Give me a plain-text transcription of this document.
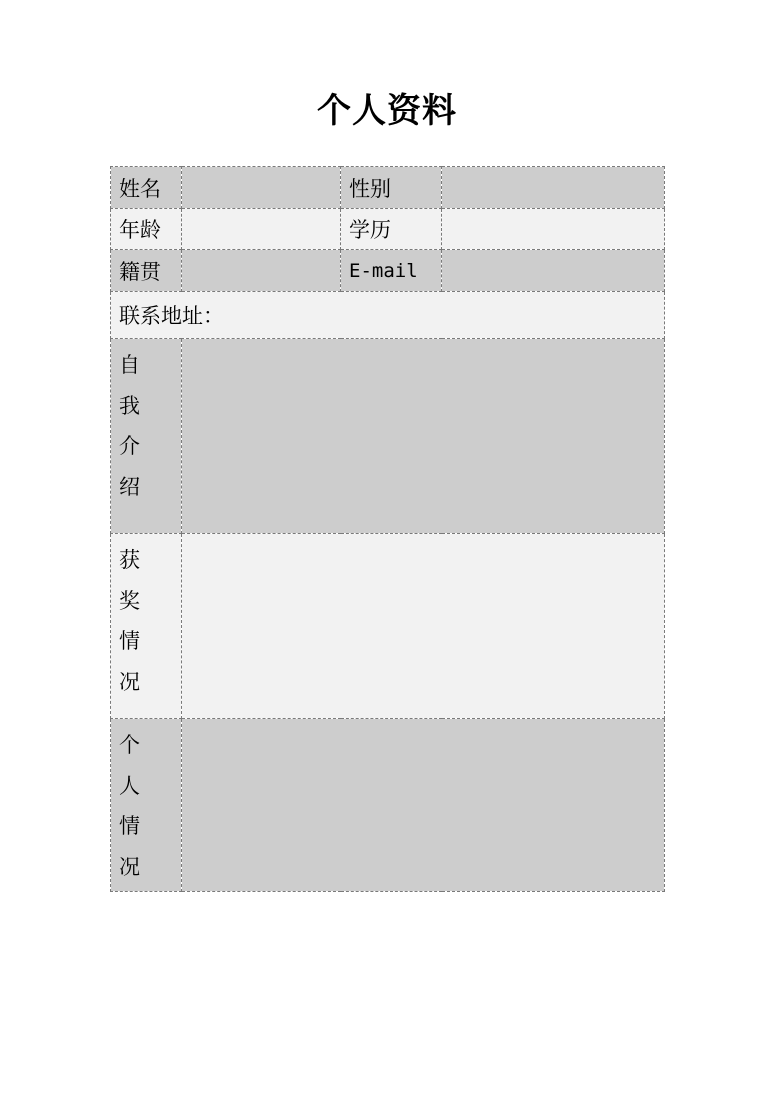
个人资料
姓名		性别	
年龄		学历	
籍贯		E-mail	
联系地址：			

自我介绍			

获奖情况			

个人情况			
